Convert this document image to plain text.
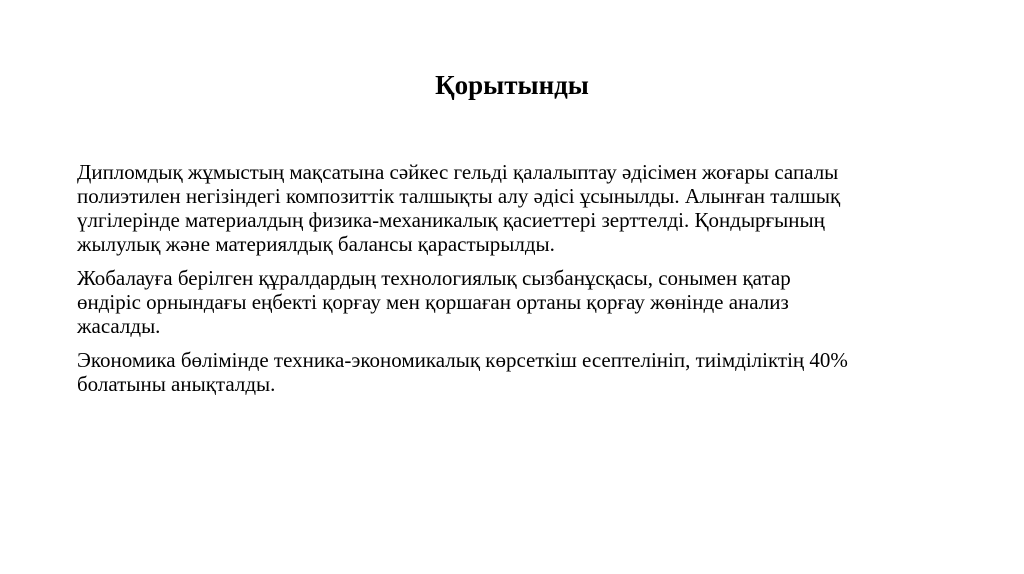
Қорытынды

Дипломдық жұмыстың мақсатына сәйкес гельді қалалыптау әдісімен жоғары сапалы
полиэтилен негізіндегі композиттік талшықты алу әдісі ұсынылды. Алынған талшық
үлгілерінде материалдың физика-механикалық қасиеттері зерттелді. Қондырғының
жылулық және материялдық балансы қарастырылды.

Жобалауға берілген құралдардың технологиялық сызбанұсқасы, сонымен қатар
өндіріс орнындағы еңбекті қорғау мен қоршаған ортаны қорғау жөнінде анализ
жасалды.

Экономика бөлімінде техника-экономикалық көрсеткіш есептелініп, тиімділіктің 40%
болатыны анықталды.
